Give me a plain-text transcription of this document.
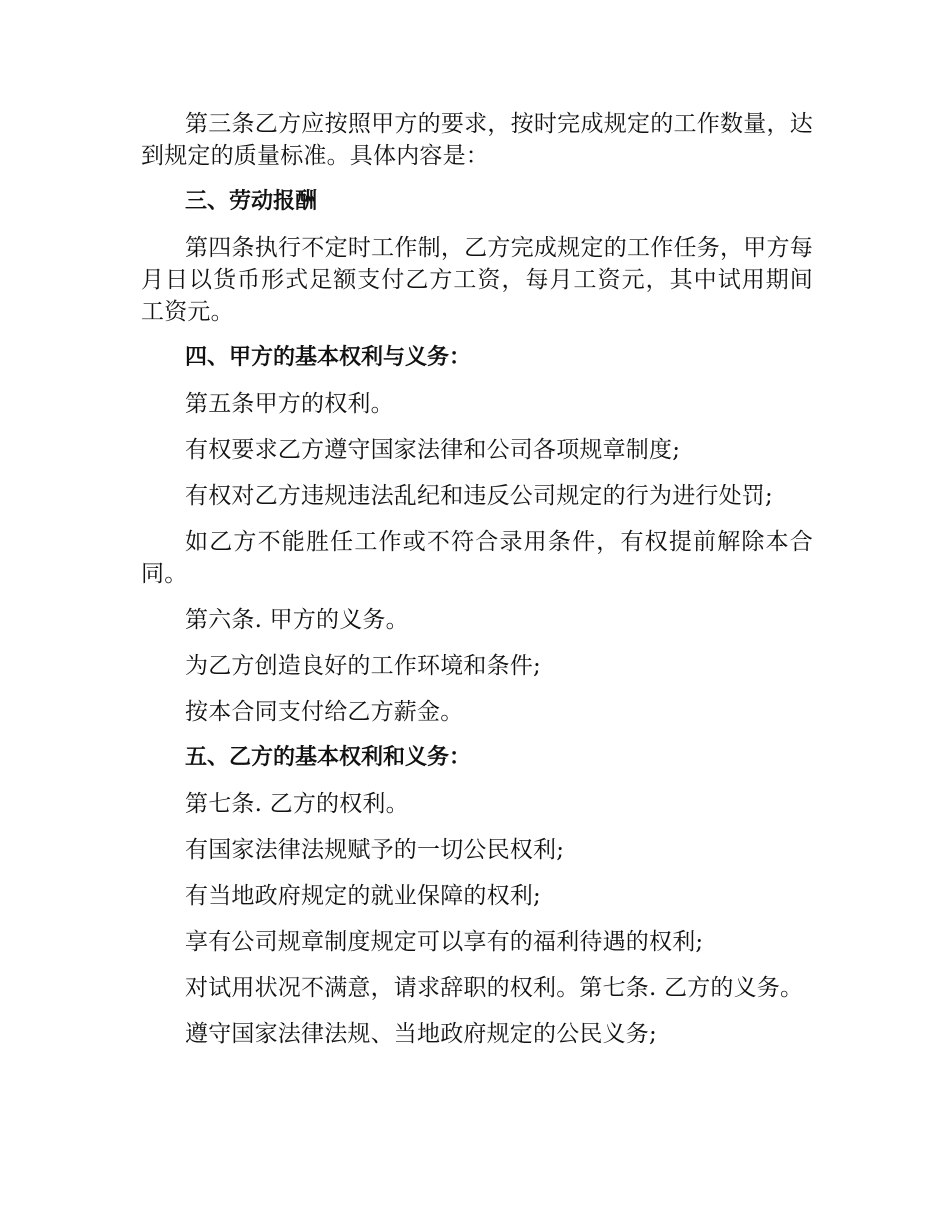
第三条乙方应按照甲方的要求，按时完成规定的工作数量，达到规定的质量标准。具体内容是：

三、劳动报酬

第四条执行不定时工作制，乙方完成规定的工作任务，甲方每月日以货币形式足额支付乙方工资，每月工资元，其中试用期间工资元。

四、甲方的基本权利与义务：

第五条甲方的权利。

有权要求乙方遵守国家法律和公司各项规章制度;

有权对乙方违规违法乱纪和违反公司规定的行为进行处罚;

如乙方不能胜任工作或不符合录用条件，有权提前解除本合同。

第六条. 甲方的义务。

为乙方创造良好的工作环境和条件;

按本合同支付给乙方薪金。

五、乙方的基本权利和义务：

第七条. 乙方的权利。

有国家法律法规赋予的一切公民权利;

有当地政府规定的就业保障的权利;

享有公司规章制度规定可以享有的福利待遇的权利;

对试用状况不满意，请求辞职的权利。第七条. 乙方的义务。

遵守国家法律法规、当地政府规定的公民义务;
